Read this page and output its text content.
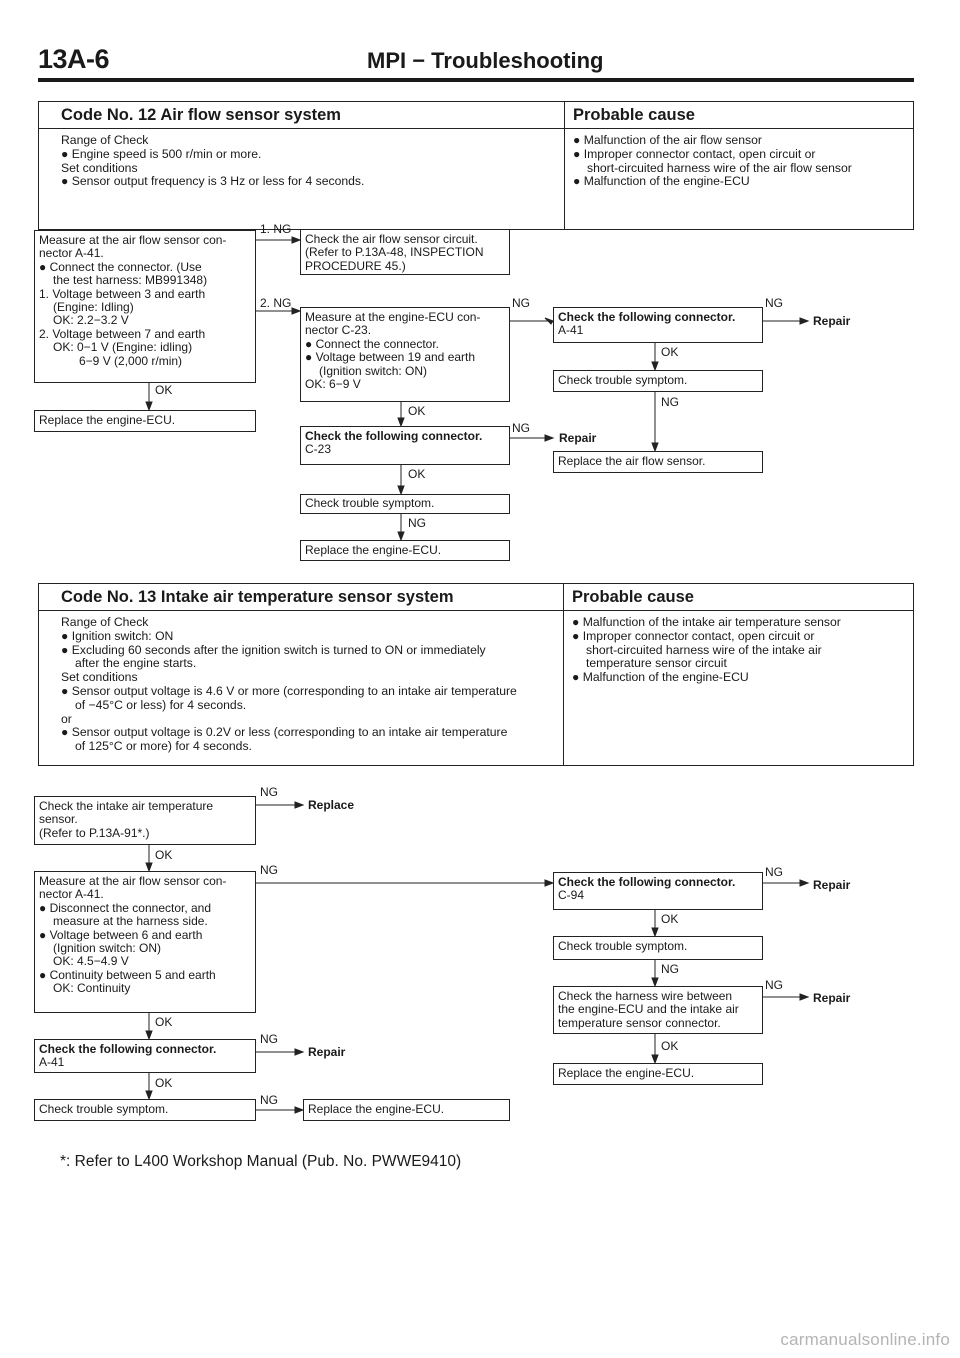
13A-6	MPI − Troubleshooting
Code No. 12 Air flow sensor system
Range of Check
● Engine speed is 500 r/min or more.
Set conditions
● Sensor output frequency is 3 Hz or less for 4 seconds.
Probable cause
● Malfunction of the air flow sensor
● Improper connector contact, open circuit or
short-circuited harness wire of the air flow sensor
● Malfunction of the engine-ECU
Measure at the air flow sensor con-
nector A-41.
● Connect the connector. (Use
the test harness: MB991348)
1. Voltage between 3 and earth
(Engine: Idling)
OK: 2.2−3.2 V
2. Voltage between 7 and earth
OK: 0−1 V (Engine: idling)
6−9 V (2,000 r/min)
Replace the engine-ECU.
Check the air flow sensor circuit.
(Refer to P.13A-48, INSPECTION
PROCEDURE 45.)
Measure at the engine-ECU con-
nector C-23.
● Connect the connector.
● Voltage between 19 and earth
(Ignition switch: ON)
OK: 6−9 V
Check the following connector.
C-23
Check trouble symptom.
Replace the engine-ECU.
Check the following connector.
A-41
Check trouble symptom.
Replace the air flow sensor.
1. NG
2. NG
OK
NG
OK
NG
Repair
OK
NG
NG
Repair
OK
NG
Code No. 13 Intake air temperature sensor system
Range of Check
● Ignition switch: ON
● Excluding 60 seconds after the ignition switch is turned to ON or immediately
after the engine starts.
Set conditions
● Sensor output voltage is 4.6 V or more (corresponding to an intake air temperature
of −45°C or less) for 4 seconds.
or
● Sensor output voltage is 0.2V or less (corresponding to an intake air temperature
of 125°C or more) for 4 seconds.
Probable cause
● Malfunction of the intake air temperature sensor
● Improper connector contact, open circuit or
short-circuited harness wire of the intake air
temperature sensor circuit
● Malfunction of the engine-ECU
Check the intake air temperature
sensor.
(Refer to P.13A-91*.)
Measure at the air flow sensor con-
nector A-41.
● Disconnect the connector, and
measure at the harness side.
● Voltage between 6 and earth
(Ignition switch: ON)
OK: 4.5−4.9 V
● Continuity between 5 and earth
OK: Continuity
Check the following connector.
A-41
Check trouble symptom.	Replace the engine-ECU.
Check the following connector.
C-94
Check trouble symptom.
Check the harness wire between
the engine-ECU and the intake air
temperature sensor connector.
Replace the engine-ECU.
NG
Replace
OK
NG
OK
NG
Repair
OK
NG
NG
Repair
OK
NG
NG
Repair
OK
*: Refer to L400 Workshop Manual (Pub. No. PWWE9410)
carmanualsonline.info
